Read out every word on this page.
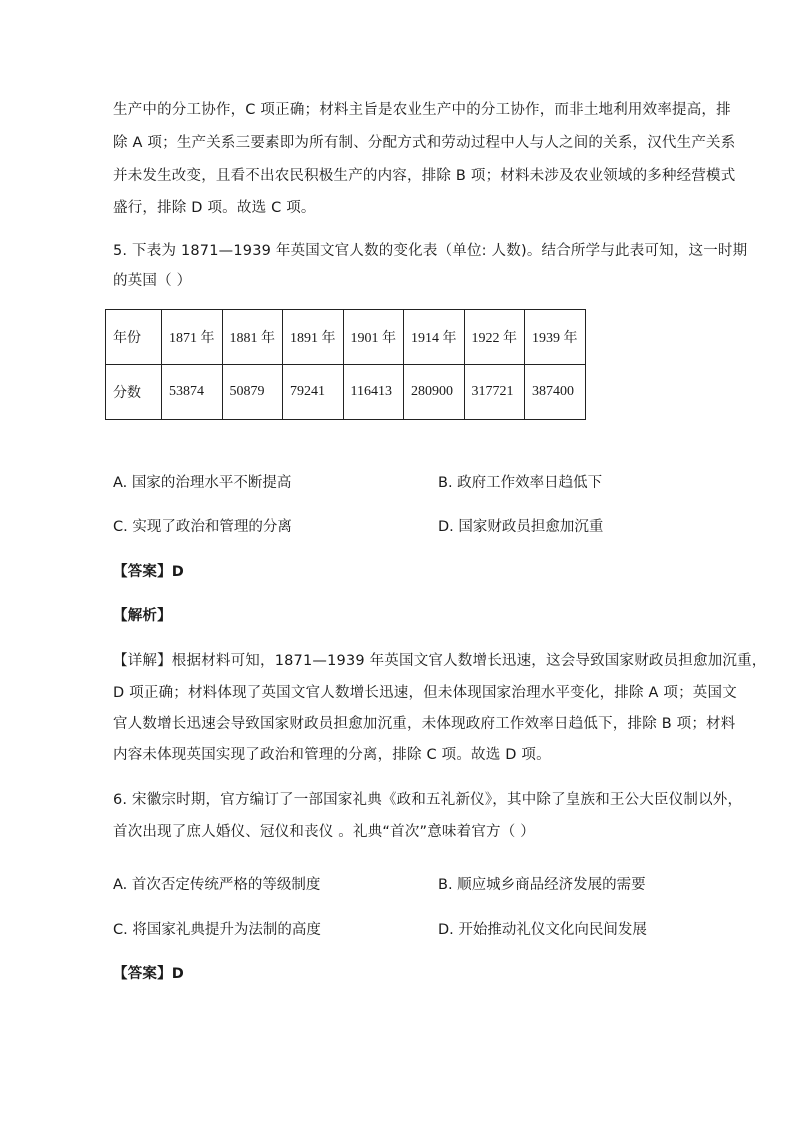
生产中的分工协作，C 项正确；材料主旨是农业生产中的分工协作，而非土地利用效率提高，排
除 A 项；生产关系三要素即为所有制、分配方式和劳动过程中人与人之间的关系，汉代生产关系
并未发生改变，且看不出农民积极生产的内容，排除 B 项；材料未涉及农业领域的多种经营模式
盛行，排除 D 项。故选 C 项。
5. 下表为 1871—1939 年英国文官人数的变化表（单位: 人数)。结合所学与此表可知，这一时期
的英国（ ）
年份	1871 年	1881 年	1891 年	1901 年	1914 年	1922 年	1939 年
分数	53874	50879	79241	116413	280900	317721	387400
A. 国家的治理水平不断提高	B. 政府工作效率日趋低下
C. 实现了政治和管理的分离	D. 国家财政员担愈加沉重
【答案】D
【解析】
【详解】根据材料可知，1871—1939 年英国文官人数增长迅速，这会导致国家财政员担愈加沉重，
D 项正确；材料体现了英国文官人数增长迅速，但未体现国家治理水平变化，排除 A 项；英国文
官人数增长迅速会导致国家财政员担愈加沉重，未体现政府工作效率日趋低下，排除 B 项；材料
内容未体现英国实现了政治和管理的分离，排除 C 项。故选 D 项。
6. 宋徽宗时期，官方编订了一部国家礼典《政和五礼新仪》，其中除了皇族和王公大臣仪制以外，
首次出现了庶人婚仪、冠仪和丧仪 。礼典“首次”意味着官方（ ）
A. 首次否定传统严格的等级制度	B. 顺应城乡商品经济发展的需要
C. 将国家礼典提升为法制的高度	D. 开始推动礼仪文化向民间发展
【答案】D
